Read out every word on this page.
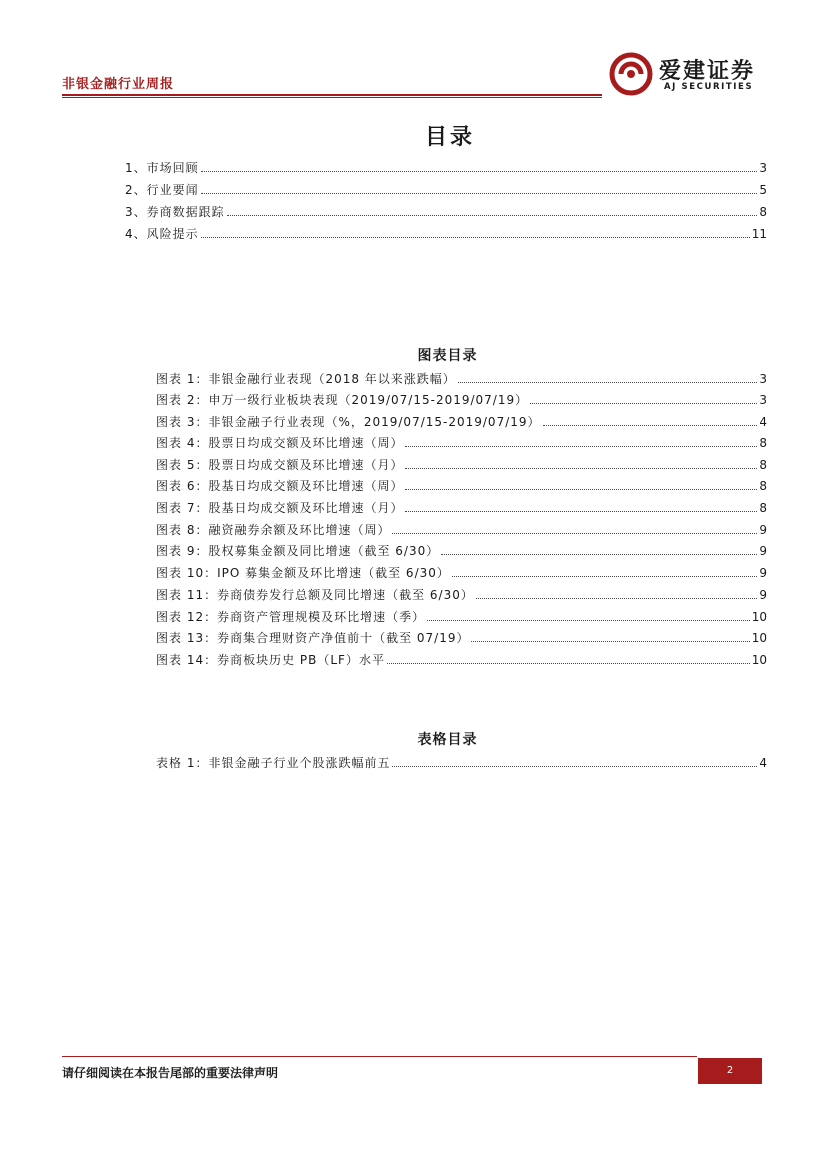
非银金融行业周报
爱建证券
AJ SECURITIES
目录
1、市场回顾	3
2、行业要闻	5
3、券商数据跟踪	8
4、风险提示	11
图表目录
图表 1：非银金融行业表现（2018 年以来涨跌幅）	3
图表 2：申万一级行业板块表现（2019/07/15-2019/07/19）	3
图表 3：非银金融子行业表现（%，2019/07/15-2019/07/19）	4
图表 4：股票日均成交额及环比增速（周）	8
图表 5：股票日均成交额及环比增速（月）	8
图表 6：股基日均成交额及环比增速（周）	8
图表 7：股基日均成交额及环比增速（月）	8
图表 8：融资融券余额及环比增速（周）	9
图表 9：股权募集金额及同比增速（截至 6/30）	9
图表 10：IPO 募集金额及环比增速（截至 6/30）	9
图表 11：券商债券发行总额及同比增速（截至 6/30）	9
图表 12：券商资产管理规模及环比增速（季）	10
图表 13：券商集合理财资产净值前十（截至 07/19）	10
图表 14：券商板块历史 PB（LF）水平	10
表格目录
表格 1：非银金融子行业个股涨跌幅前五	4
请仔细阅读在本报告尾部的重要法律声明	2
